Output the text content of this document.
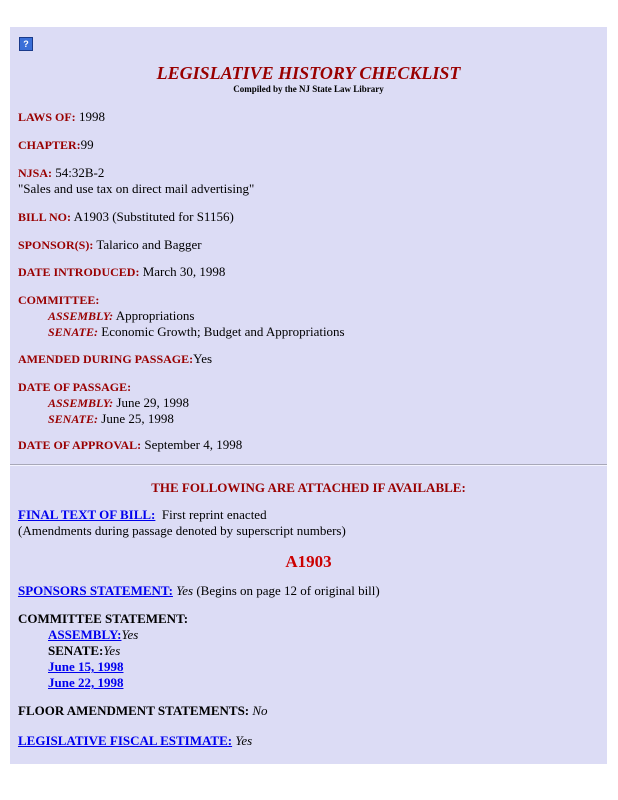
?
LEGISLATIVE HISTORY CHECKLIST
Compiled by the NJ State Law Library
LAWS OF: 1998
CHAPTER:99
NJSA: 54:32B-2
"Sales and use tax on direct mail advertising"
BILL NO: A1903 (Substituted for S1156)
SPONSOR(S): Talarico and Bagger
DATE INTRODUCED: March 30, 1998
COMMITTEE:
ASSEMBLY: Appropriations
SENATE: Economic Growth; Budget and Appropriations
AMENDED DURING PASSAGE:Yes
DATE OF PASSAGE:
ASSEMBLY: June 29, 1998
SENATE: June 25, 1998
DATE OF APPROVAL: September 4, 1998
THE FOLLOWING ARE ATTACHED IF AVAILABLE:
FINAL TEXT OF BILL: First reprint enacted
(Amendments during passage denoted by superscript numbers)
A1903
SPONSORS STATEMENT: Yes (Begins on page 12 of original bill)
COMMITTEE STATEMENT:
ASSEMBLY:Yes
SENATE:Yes
June 15, 1998
June 22, 1998
FLOOR AMENDMENT STATEMENTS: No
LEGISLATIVE FISCAL ESTIMATE: Yes
